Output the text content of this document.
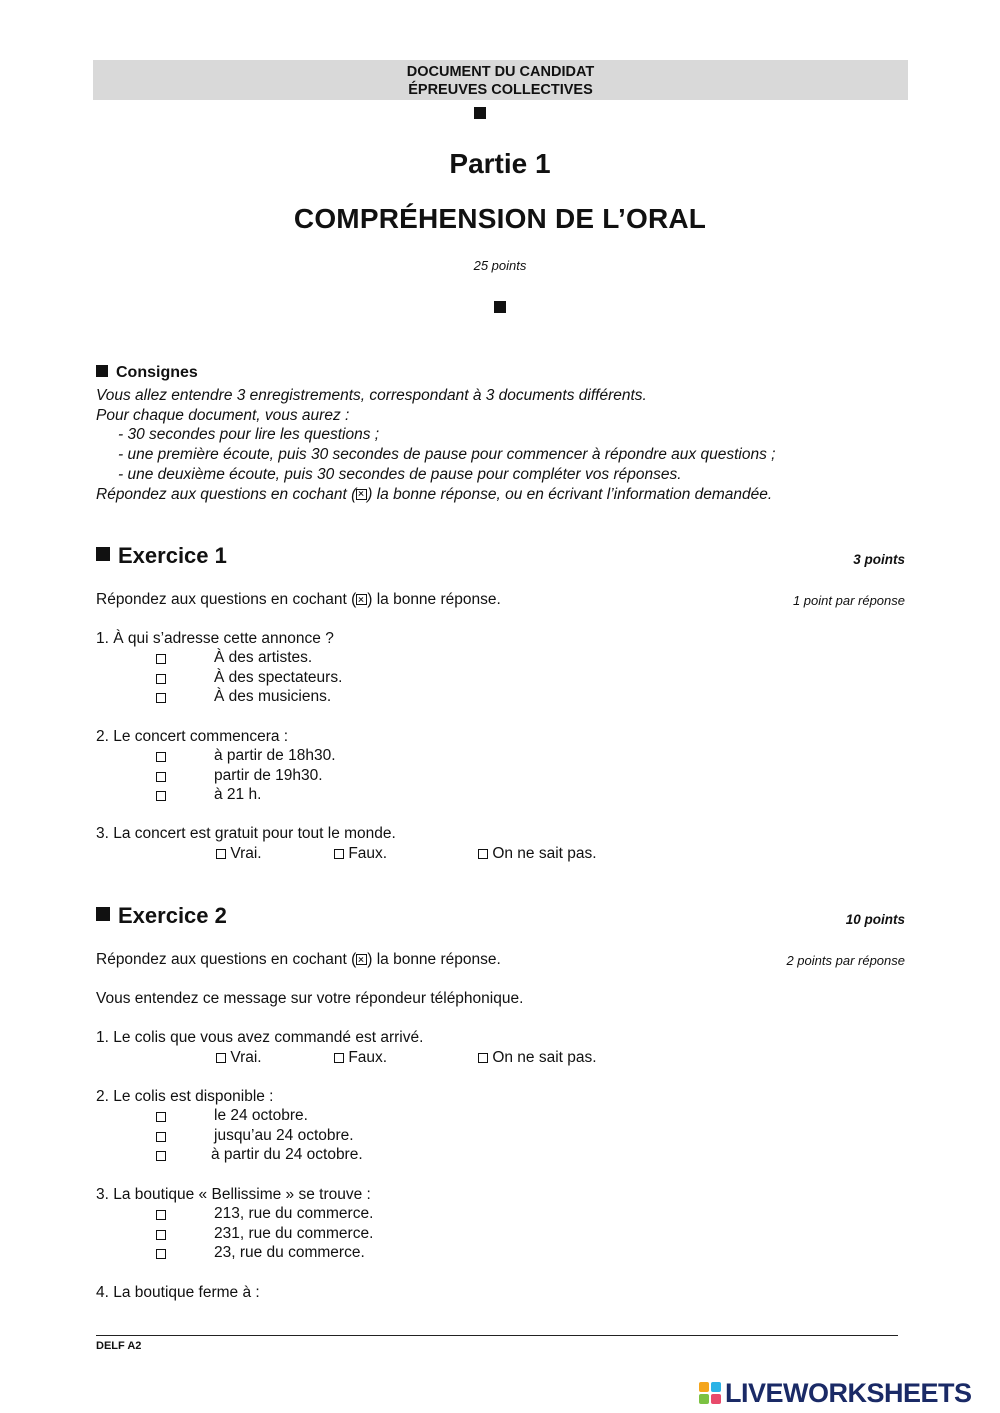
DOCUMENT DU CANDIDAT
ÉPREUVES COLLECTIVES
Partie 1
COMPRÉHENSION DE L’ORAL
25 points
Consignes
Vous allez entendre 3 enregistrements, correspondant à 3 documents différents.
Pour chaque document, vous aurez :
- 30 secondes pour lire les questions ;
- une première écoute, puis 30 secondes de pause pour commencer à répondre aux questions ;
- une deuxième écoute, puis 30 secondes de pause pour compléter vos réponses.
Répondez aux questions en cochant ( ) la bonne réponse, ou en écrivant l’information demandée.
Exercice 1	3 points
Répondez aux questions en cochant ( ) la bonne réponse.	1 point par réponse
1. À qui s’adresse cette annonce ?
À des artistes.
À des spectateurs.
À des musiciens.
2. Le concert commencera :
à partir de 18h30.
partir de 19h30.
à 21 h.
3. La concert est gratuit pour tout le monde.
Vrai.	Faux.	On ne sait pas.
Exercice 2	10 points
Répondez aux questions en cochant ( ) la bonne réponse.	2 points par réponse
Vous entendez ce message sur votre répondeur téléphonique.
1. Le colis que vous avez commandé est arrivé.
Vrai.	Faux.	On ne sait pas.
2. Le colis est disponible :
le 24 octobre.
jusqu’au 24 octobre.
à partir du 24 octobre.
3. La boutique « Bellissime » se trouve :
213, rue du commerce.
231, rue du commerce.
23, rue du commerce.
4. La boutique ferme à :
DELF A2
LIVEWORKSHEETS
